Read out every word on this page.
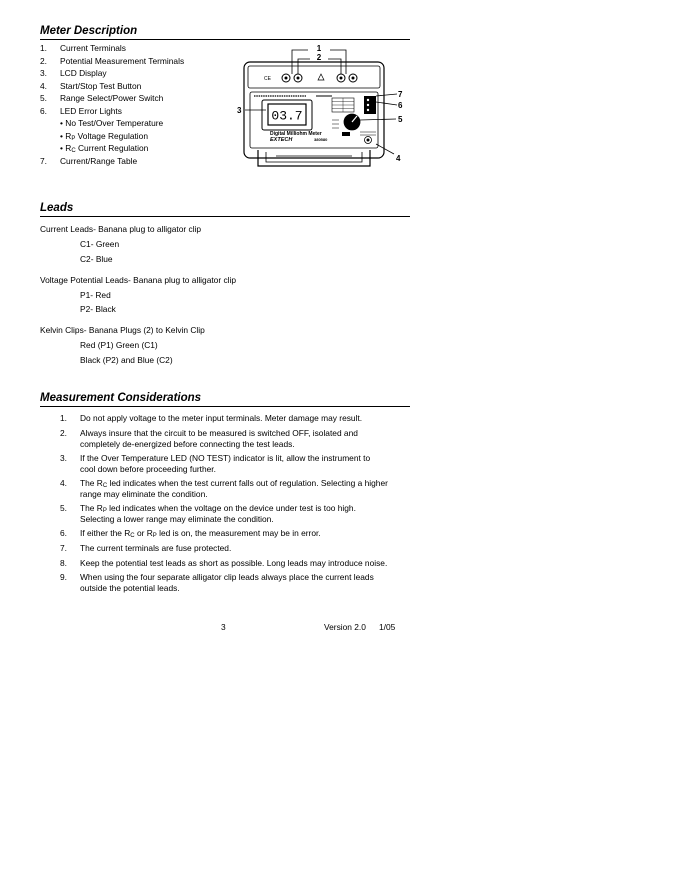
Meter Description
1. Current Terminals
2. Potential Measurement Terminals
3. LCD Display
4. Start/Stop Test Button
5. Range Select/Power Switch
6. LED Error Lights
• No Test/Over Temperature
• $R_P$ Voltage Regulation
• $R_C$ Current Regulation
7. Current/Range Table
CE
03.7
Digital Milliohm Meter
EXTECH	380580
1
2
3
4
5
6
7
Leads
Current Leads- Banana plug to alligator clip
C1- Green
C2- Blue
Voltage Potential Leads- Banana plug to alligator clip
P1- Red
P2- Black
Kelvin Clips- Banana Plugs (2) to Kelvin Clip
Red (P1) Green (C1)
Black (P2) and Blue (C2)
Measurement Considerations
1. Do not apply voltage to the meter input terminals. Meter damage may result.
2. Always insure that the circuit to be measured is switched OFF, isolated and
completely de-energized before connecting the test leads.
3. If the Over Temperature LED (NO TEST) indicator is lit, allow the instrument to
cool down before proceeding further.
4. The $R_C$ led indicates when the test current falls out of regulation. Selecting a higher
range may eliminate the condition.
5. The $R_P$ led indicates when the voltage on the device under test is too high.
Selecting a lower range may eliminate the condition.
6. If either the $R_C$ or $R_P$ led is on, the measurement may be in error.
7. The current terminals are fuse protected.
8. Keep the potential test leads as short as possible. Long leads may introduce noise.
9. When using the four separate alligator clip leads always place the current leads
outside the potential leads.
3	Version 2.0 1/05
